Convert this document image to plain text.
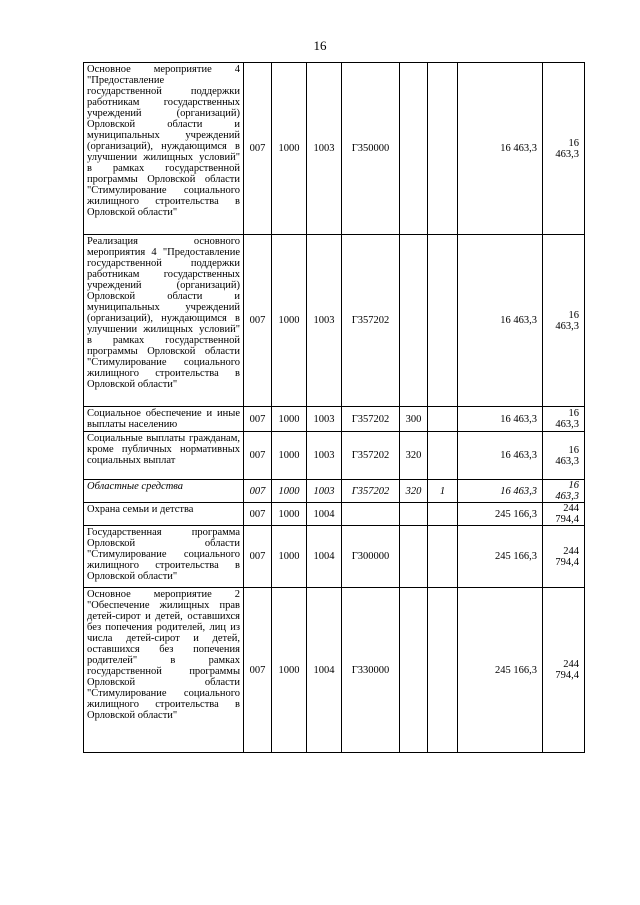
16
Основное мероприятие 4 "Предоставление государственной поддержки работникам государственных учреждений (организаций) Орловской области и муниципальных учреждений (организаций), нуждающимся в улучшении жилищных условий" в рамках государственной программы Орловской области "Стимулирование социального жилищного строительства в Орловской области"	007	1000	1003	Г350000			16 463,3	16 463,3
Реализация основного мероприятия 4 "Предоставление государственной поддержки работникам государственных учреждений (организаций) Орловской области и муниципальных учреждений (организаций), нуждающимся в улучшении жилищных условий" в рамках государственной программы Орловской области "Стимулирование социального жилищного строительства в Орловской области"	007	1000	1003	Г357202			16 463,3	16 463,3
Социальное обеспечение и иные выплаты населению	007	1000	1003	Г357202	300		16 463,3	16 463,3
Социальные выплаты гражданам, кроме публичных нормативных социальных выплат	007	1000	1003	Г357202	320		16 463,3	16 463,3
Областные средства	007	1000	1003	Г357202	320	1	16 463,3	16 463,3
Охрана семьи и детства	007	1000	1004				245 166,3	244 794,4
Государственная программа Орловской области "Стимулирование социального жилищного строительства в Орловской области"	007	1000	1004	Г300000			245 166,3	244 794,4
Основное мероприятие 2 "Обеспечение жилищных прав детей-сирот и детей, оставшихся без попечения родителей, лиц из числа детей-сирот и детей, оставшихся без попечения родителей" в рамках государственной программы Орловской области "Стимулирование социального жилищного строительства в Орловской области"	007	1000	1004	Г330000			245 166,3	244 794,4
